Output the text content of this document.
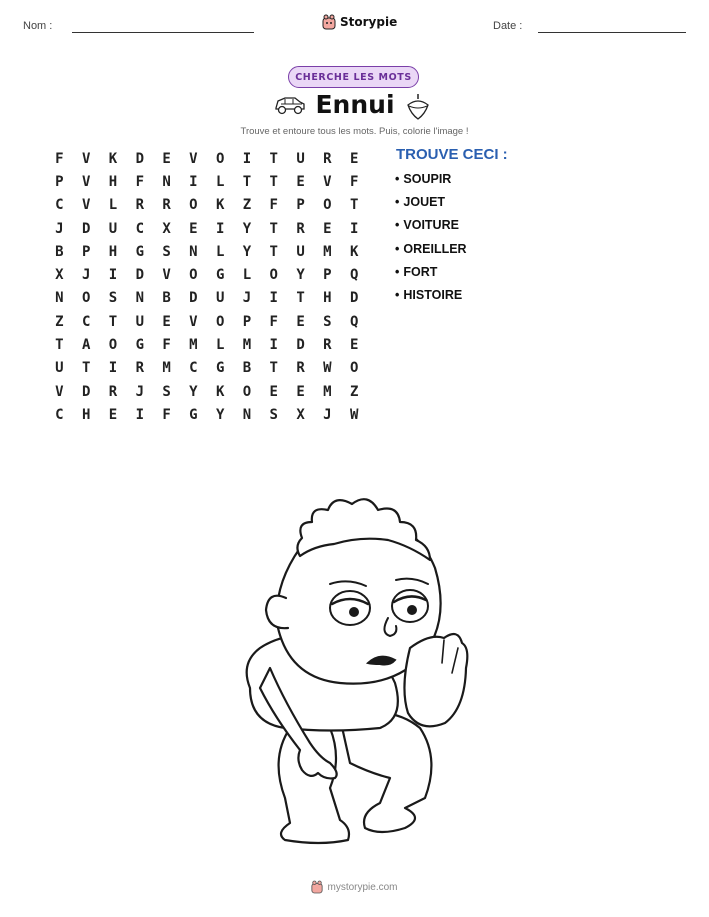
Nom :	Storypie	Date :
CHERCHE LES MOTS
Ennui
Trouve et entoure tous les mots. Puis, colorie l'image !
F	V	K	D	E	V	O	I	T	U	R	E
P	V	H	F	N	I	L	T	T	E	V	F
C	V	L	R	R	O	K	Z	F	P	O	T
J	D	U	C	X	E	I	Y	T	R	E	I
B	P	H	G	S	N	L	Y	T	U	M	K
X	J	I	D	V	O	G	L	O	Y	P	Q
N	O	S	N	B	D	U	J	I	T	H	D
Z	C	T	U	E	V	O	P	F	E	S	Q
T	A	O	G	F	M	L	M	I	D	R	E
U	T	I	R	M	C	G	B	T	R	W	O
V	D	R	J	S	Y	K	O	E	E	M	Z
C	H	E	I	F	G	Y	N	S	X	J	W
TROUVE CECI :
• SOUPIR
• JOUET
• VOITURE
• OREILLER
• FORT
• HISTOIRE
mystorypie.com
